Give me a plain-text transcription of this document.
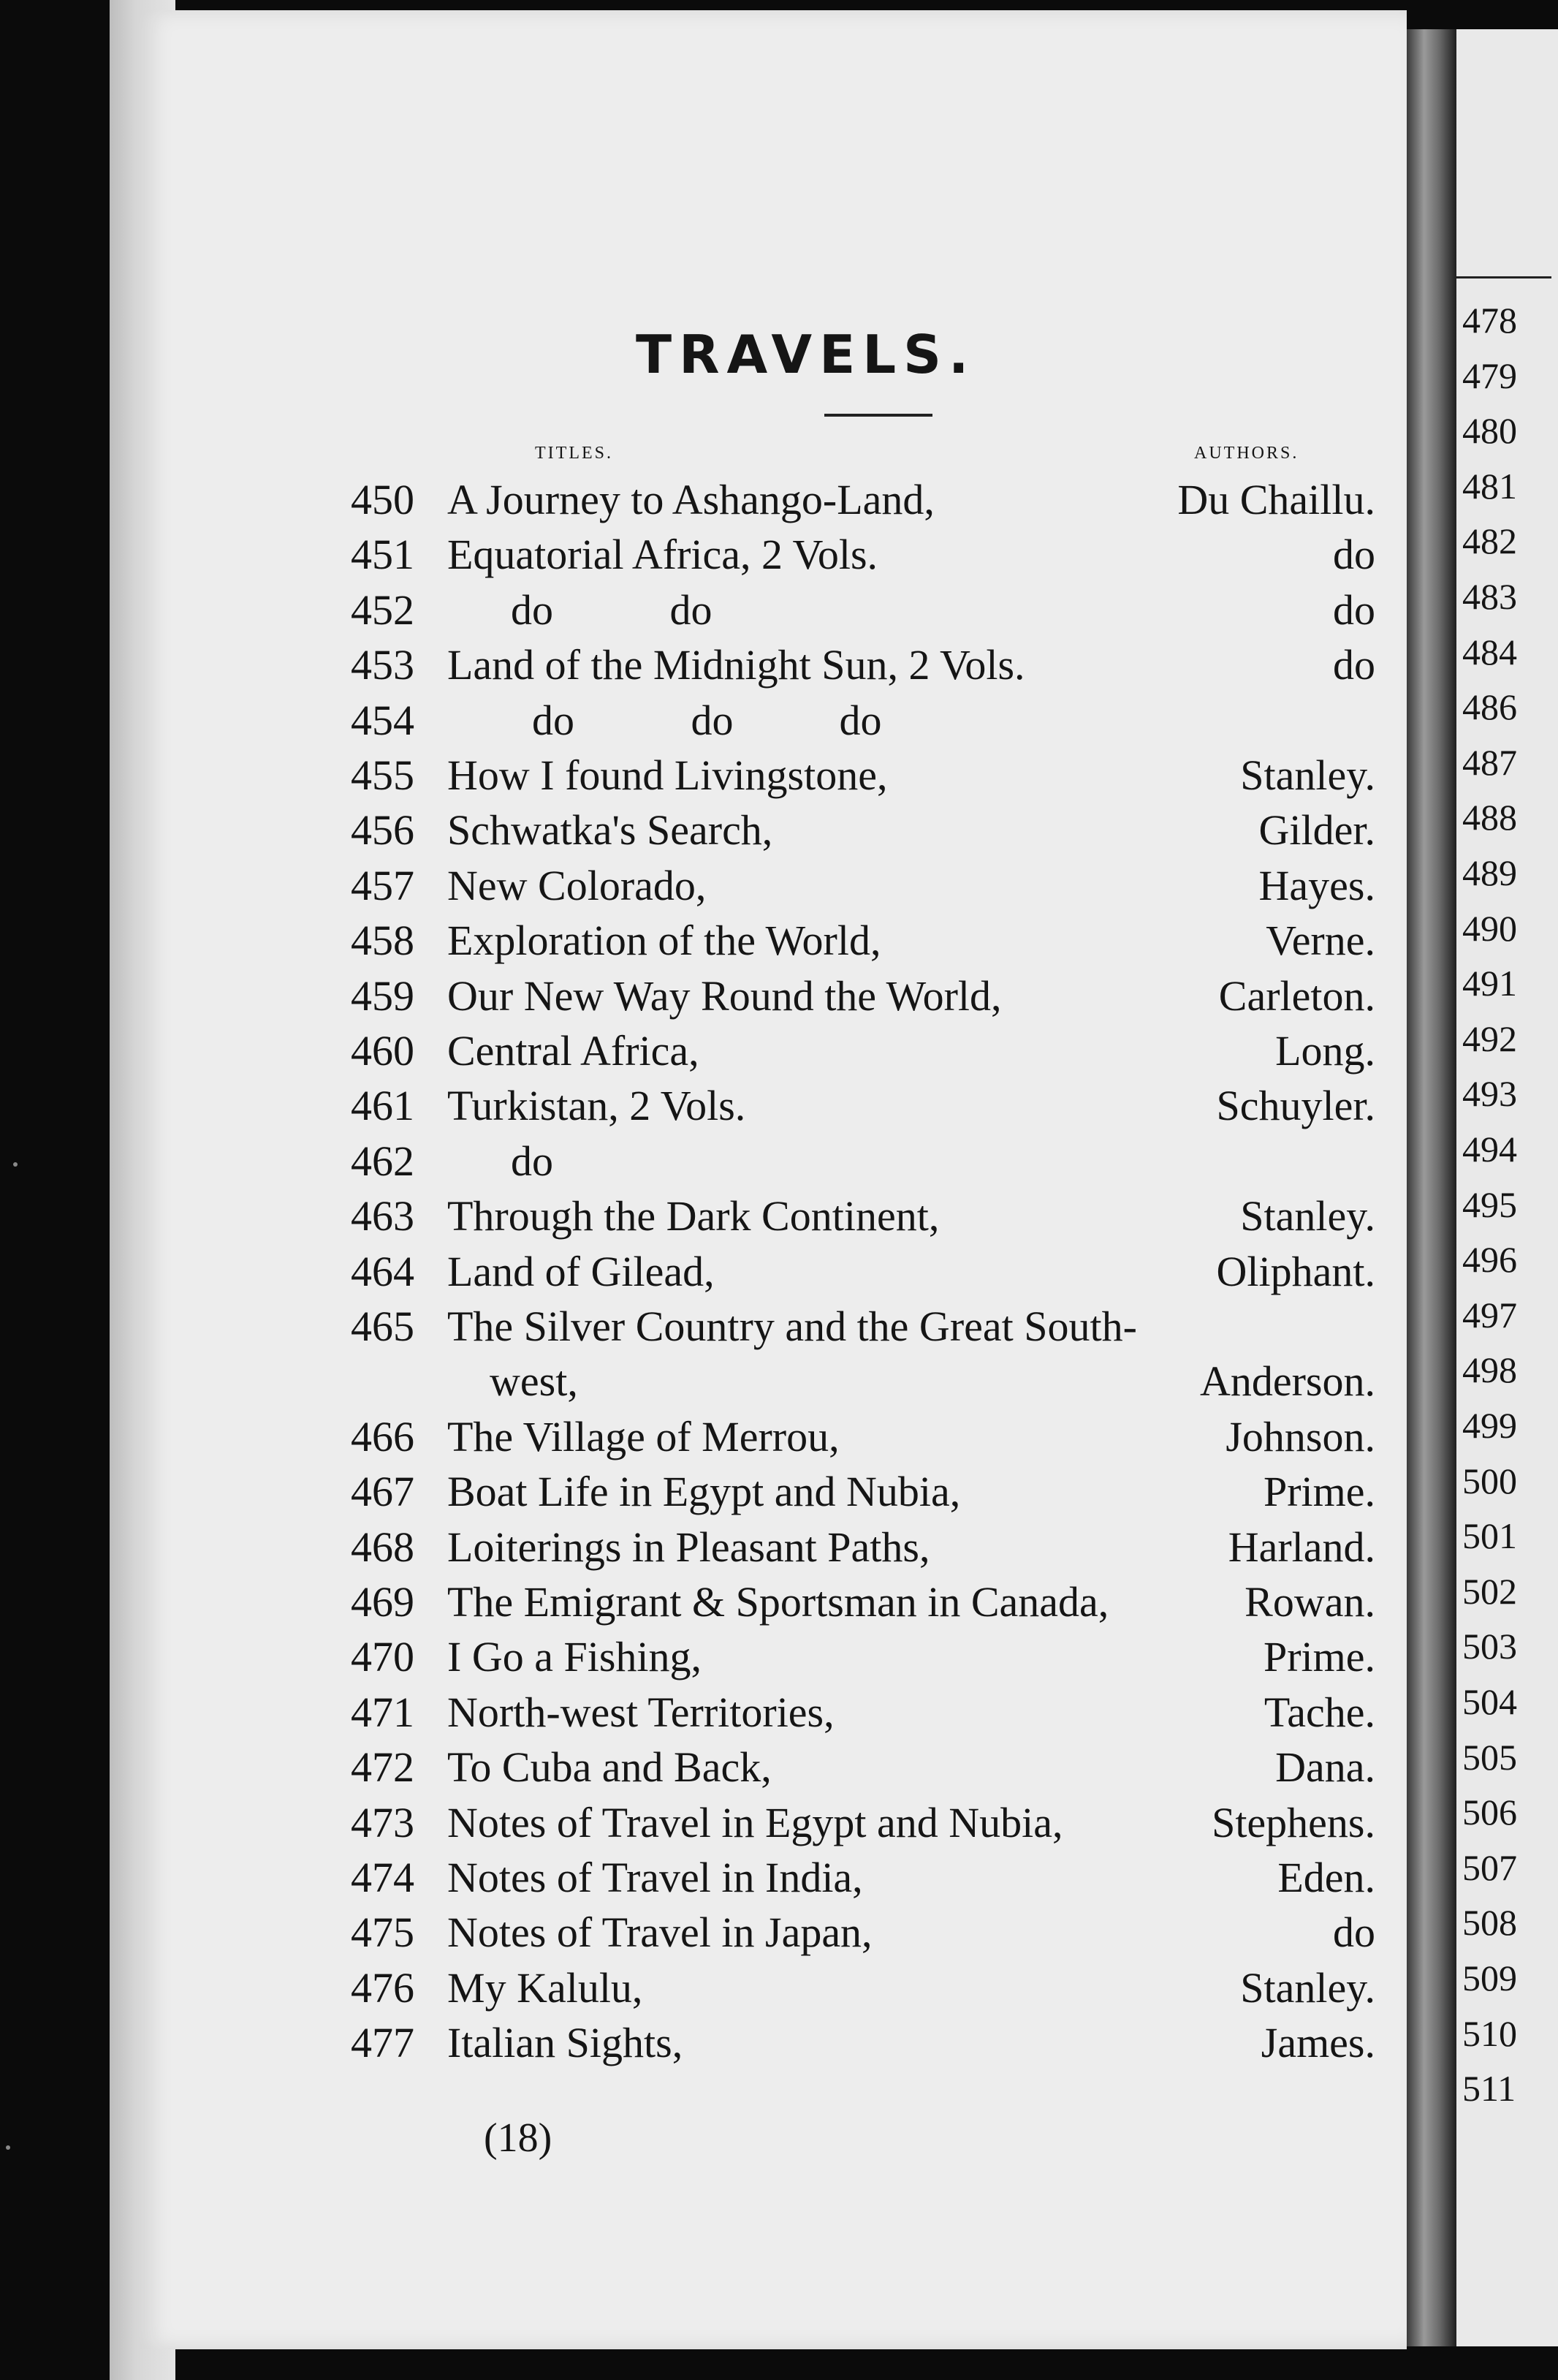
478
479
480
481
482
483
484
486
487
488
489
490
491
492
493
494
495
496
497
498
499
500
501
502
503
504
505
506
507
508
509
510
511
TRAVELS.
TITLES.	AUTHORS.
450 A Journey to Ashango-Land,	Du Chaillu.
451 Equatorial Africa, 2 Vols.	do
452 do           do	do
453 Land of the Midnight Sun, 2 Vols.	do
454 do           do          do
455 How I found Livingstone,	Stanley.
456 Schwatka's Search,	Gilder.
457 New Colorado,	Hayes.
458 Exploration of the World,	Verne.
459 Our New Way Round the World,	Carleton.
460 Central Africa,	Long.
461 Turkistan, 2 Vols.	Schuyler.
462 do
463 Through the Dark Continent,	Stanley.
464 Land of Gilead,	Oliphant.
465 The Silver Country and the Great South-
west,	Anderson.
466 The Village of Merrou,	Johnson.
467 Boat Life in Egypt and Nubia,	Prime.
468 Loiterings in Pleasant Paths,	Harland.
469 The Emigrant & Sportsman in Canada,	Rowan.
470 I Go a Fishing,	Prime.
471 North-west Territories,	Tache.
472 To Cuba and Back,	Dana.
473 Notes of Travel in Egypt and Nubia,	Stephens.
474 Notes of Travel in India,	Eden.
475 Notes of Travel in Japan,	do
476 My Kalulu,	Stanley.
477 Italian Sights,	James.
(18)
